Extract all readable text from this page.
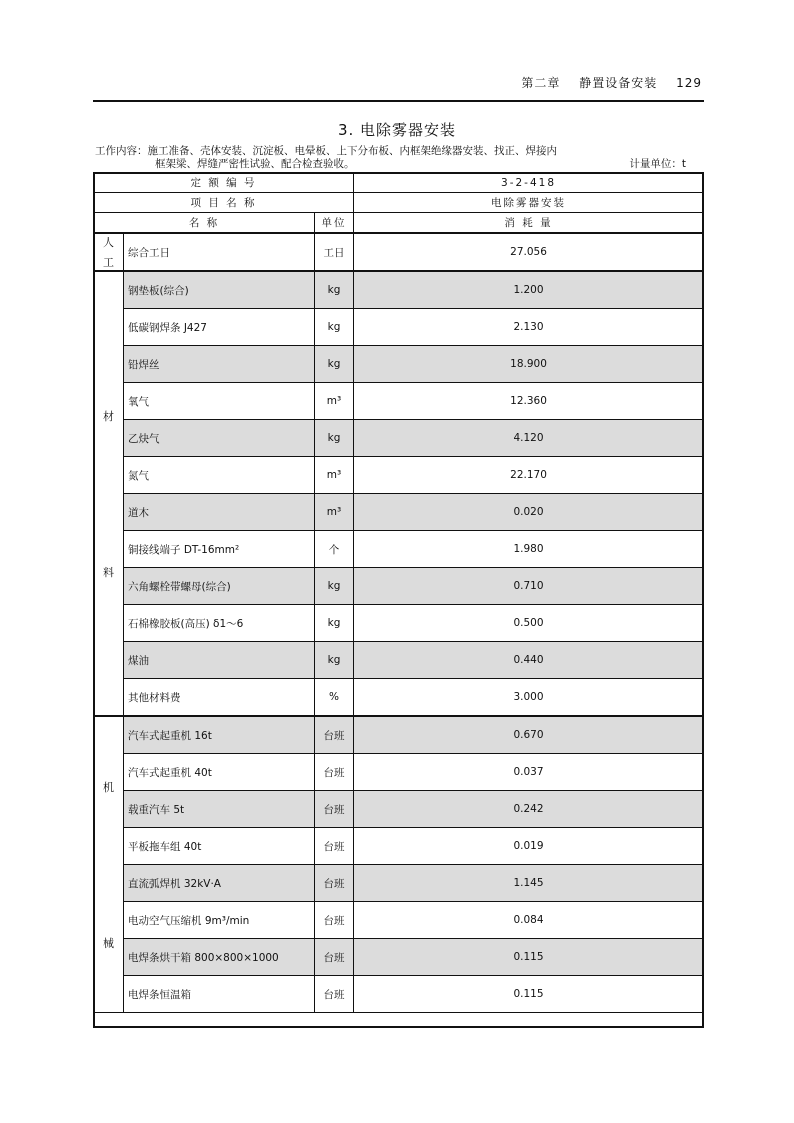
第二章 静置设备安装 129
3. 电除雾器安装
工作内容：施工准备、壳体安装、沉淀板、电晕板、上下分布板、内框架绝缘器安装、找正、焊接内
框架梁、焊缝严密性试验、配合检查验收。	计量单位：t
定 额 编 号			3-2-418
项 目 名 称			电除雾器安装
名 称		单位	消 耗 量

人
工	综合工日	工日	27.056

材
料	钢垫板(综合)	kg	1.200
	低碳钢焊条 J427	kg	2.130
	铅焊丝	kg	18.900
	氧气	m³	12.360
	乙炔气	kg	4.120
	氮气	m³	22.170
	道木	m³	0.020
	铜接线端子 DT-16mm²	个	1.980
	六角螺栓带螺母(综合)	kg	0.710
	石棉橡胶板(高压) δ1～6	kg	0.500
	煤油	kg	0.440
	其他材料费	%	3.000

机
械	汽车式起重机 16t	台班	0.670
	汽车式起重机 40t	台班	0.037
	载重汽车 5t	台班	0.242
	平板拖车组 40t	台班	0.019
	直流弧焊机 32kV·A	台班	1.145
	电动空气压缩机 9m³/min	台班	0.084
	电焊条烘干箱 800×800×1000	台班	0.115
	电焊条恒温箱	台班	0.115
